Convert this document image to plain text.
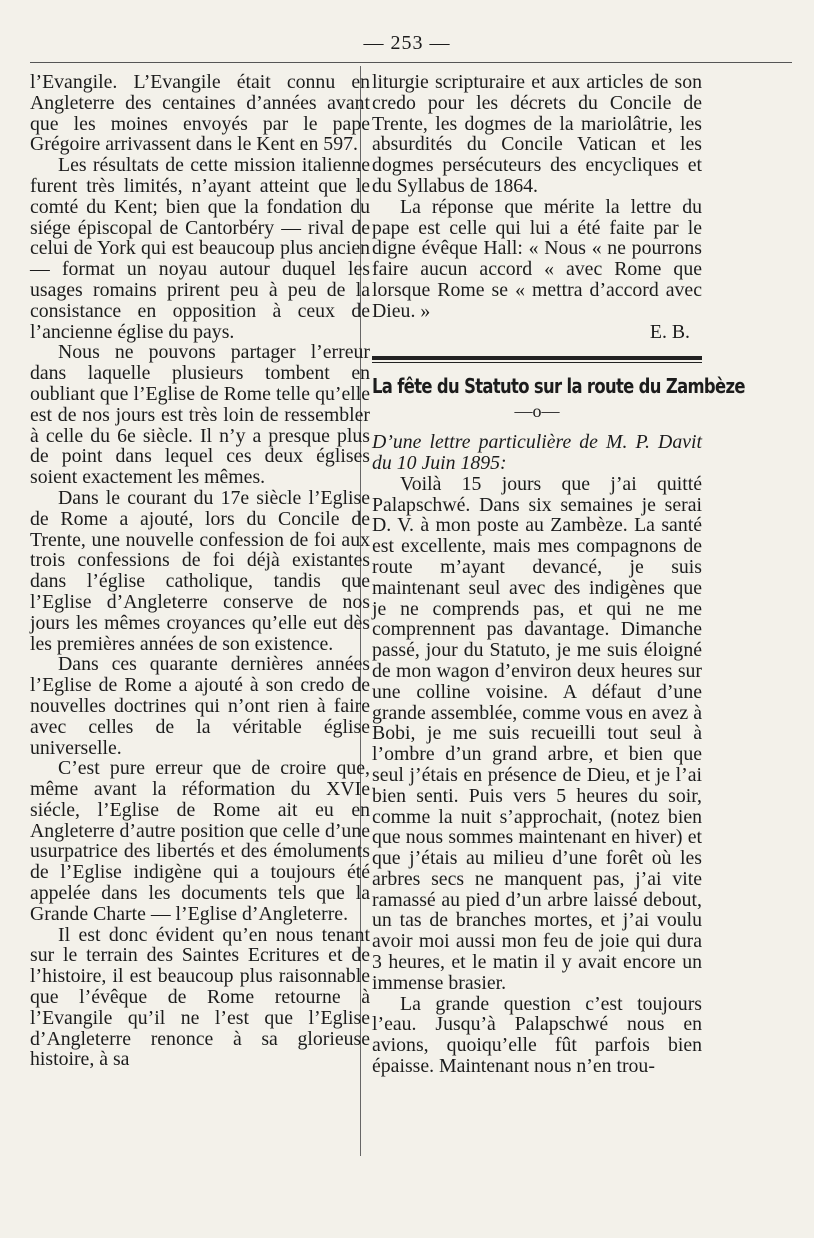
— 253 —

l’Evangile. L’Evangile était connu en Angleterre des centaines d’années avant que les moines envoyés par le pape Grégoire arrivassent dans le Kent en 597.

Les résultats de cette mission italienne furent très limités, n’ayant atteint que le comté du Kent; bien que la fondation du siége épiscopal de Cantorbéry — rival de celui de York qui est beaucoup plus ancien — format un noyau autour duquel les usages romains prirent peu à peu de la consistance en opposition à ceux de l’ancienne église du pays.

Nous ne pouvons partager l’erreur dans laquelle plusieurs tombent en oubliant que l’Eglise de Rome telle qu’elle est de nos jours est très loin de ressembler à celle du 6e siècle. Il n’y a presque plus de point dans lequel ces deux églises soient exactement les mêmes.

Dans le courant du 17e siècle l’Eglise de Rome a ajouté, lors du Concile de Trente, une nouvelle confession de foi aux trois confessions de foi déjà existantes dans l’église catholique, tandis que l’Eglise d’Angleterre conserve de nos jours les mêmes croyances qu’elle eut dès les premières années de son existence.

Dans ces quarante dernières années l’Eglise de Rome a ajouté à son credo de nouvelles doctrines qui n’ont rien à faire avec celles de la véritable église universelle.

C’est pure erreur que de croire que, même avant la réformation du XVIe siécle, l’Eglise de Rome ait eu en Angleterre d’autre position que celle d’une usurpatrice des libertés et des émoluments de l’Eglise indigène qui a toujours été appelée dans les documents tels que la Grande Charte — l’Eglise d’Angleterre.

Il est donc évident qu’en nous tenant sur le terrain des Saintes Ecritures et de l’histoire, il est beaucoup plus raisonnable que l’évêque de Rome retourne à l’Evangile qu’il ne l’est que l’Eglise d’Angleterre renonce à sa glorieuse histoire, à sa

liturgie scripturaire et aux articles de son credo pour les décrets du Concile de Trente, les dogmes de la mariolâtrie, les absurdités du Concile Vatican et les dogmes persécuteurs des encycliques et du Syllabus de 1864.

La réponse que mérite la lettre du pape est celle qui lui a été faite par le digne évêque Hall: « Nous « ne pourrons faire aucun accord « avec Rome que lorsque Rome se « mettra d’accord avec Dieu. »

E. B.

La fête du Statuto sur la route du Zambèze
—o—

D’une lettre particulière de M. P. Davit du 10 Juin 1895:

Voilà 15 jours que j’ai quitté Palapschwé. Dans six semaines je serai D. V. à mon poste au Zambèze. La santé est excellente, mais mes compagnons de route m’ayant devancé, je suis maintenant seul avec des indigènes que je ne comprends pas, et qui ne me comprennent pas davantage. Dimanche passé, jour du Statuto, je me suis éloigné de mon wagon d’environ deux heures sur une colline voisine. A défaut d’une grande assemblée, comme vous en avez à Bobi, je me suis recueilli tout seul à l’ombre d’un grand arbre, et bien que seul j’étais en présence de Dieu, et je l’ai bien senti. Puis vers 5 heures du soir, comme la nuit s’approchait, (notez bien que nous sommes maintenant en hiver) et que j’étais au milieu d’une forêt où les arbres secs ne manquent pas, j’ai vite ramassé au pied d’un arbre laissé debout, un tas de branches mortes, et j’ai voulu avoir moi aussi mon feu de joie qui dura 3 heures, et le matin il y avait encore un immense brasier.

La grande question c’est toujours l’eau. Jusqu’à Palapschwé nous en avions, quoiqu’elle fût parfois bien épaisse. Maintenant nous n’en trou-
